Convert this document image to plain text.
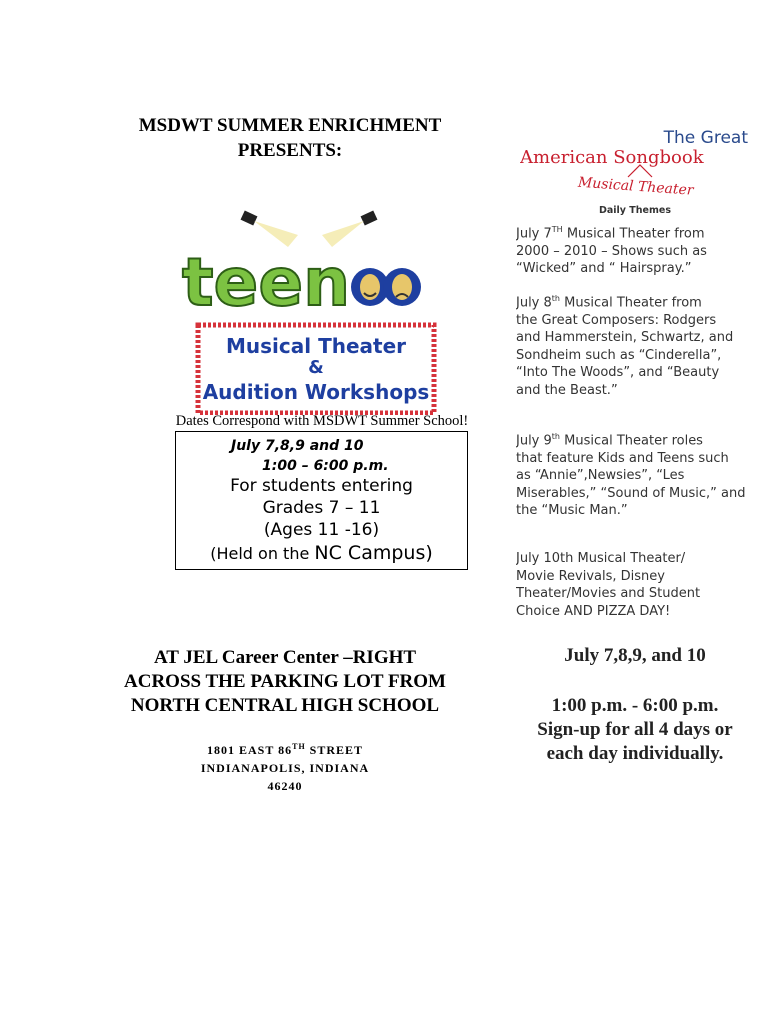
MSDWT SUMMER ENRICHMENT
PRESENTS:
teen
Musical Theater
&
Audition Workshops
Dates Correspond with MSDWT Summer School!
July 7,8,9 and 10
1:00 – 6:00 p.m.
For students entering
Grades 7 – 11
(Ages 11 -16)
(Held on the NC Campus)
AT JEL Career Center –RIGHT
ACROSS THE PARKING LOT FROM
NORTH CENTRAL HIGH SCHOOL
1801 EAST 86TH STREET
INDIANAPOLIS, INDIANA
46240
The Great
American Songbook
Musical Theater
Daily Themes
July 7TH Musical Theater from
2000 – 2010 – Shows such as
“Wicked” and “ Hairspray.”
July 8th Musical Theater from
the Great Composers: Rodgers
and Hammerstein, Schwartz, and
Sondheim such as “Cinderella”,
“Into The Woods”, and “Beauty
and the Beast.”
July 9th Musical Theater roles
that feature Kids and Teens such
as “Annie”,Newsies”, “Les
Miserables,” “Sound of Music,” and
the “Music Man.”
July 10th Musical Theater/
Movie Revivals, Disney
Theater/Movies and Student
Choice AND PIZZA DAY!
July 7,8,9, and 10
1:00 p.m. - 6:00 p.m.
Sign-up for all 4 days or
each day individually.
